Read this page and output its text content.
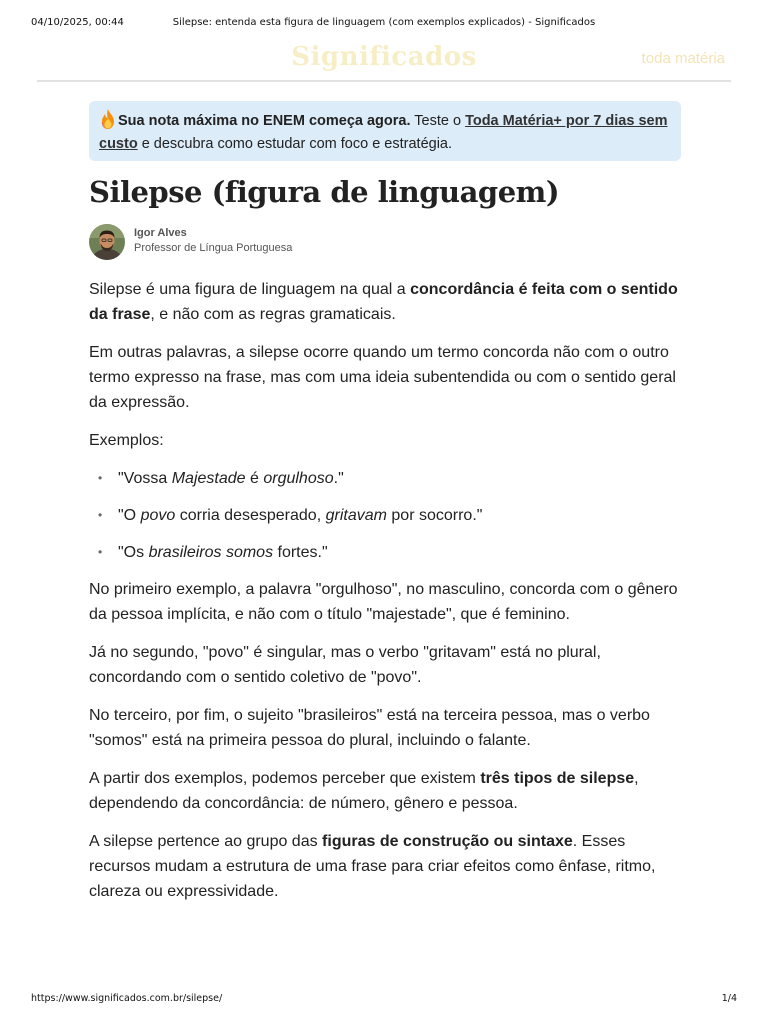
04/10/2025, 00:44	Silepse: entenda esta figura de linguagem (com exemplos explicados) - Significados
Significados	toda matéria
Sua nota máxima no ENEM começa agora. Teste o Toda Matéria+ por 7 dias sem custo e descubra como estudar com foco e estratégia.
Silepse (figura de linguagem)
Igor Alves
Professor de Língua Portuguesa

Silepse é uma figura de linguagem na qual a concordância é feita com o sentido da frase, e não com as regras gramaticais.

Em outras palavras, a silepse ocorre quando um termo concorda não com o outro termo expresso na frase, mas com uma ideia subentendida ou com o sentido geral da expressão.

Exemplos:

• "Vossa Majestade é orgulhoso."
• "O povo corria desesperado, gritavam por socorro."
• "Os brasileiros somos fortes."

No primeiro exemplo, a palavra "orgulhoso", no masculino, concorda com o gênero da pessoa implícita, e não com o título "majestade", que é feminino.

Já no segundo, "povo" é singular, mas o verbo "gritavam" está no plural, concordando com o sentido coletivo de "povo".

No terceiro, por fim, o sujeito "brasileiros" está na terceira pessoa, mas o verbo "somos" está na primeira pessoa do plural, incluindo o falante.

A partir dos exemplos, podemos perceber que existem três tipos de silepse, dependendo da concordância: de número, gênero e pessoa.

A silepse pertence ao grupo das figuras de construção ou sintaxe. Esses recursos mudam a estrutura de uma frase para criar efeitos como ênfase, ritmo, clareza ou expressividade.

https://www.significados.com.br/silepse/	1/4
